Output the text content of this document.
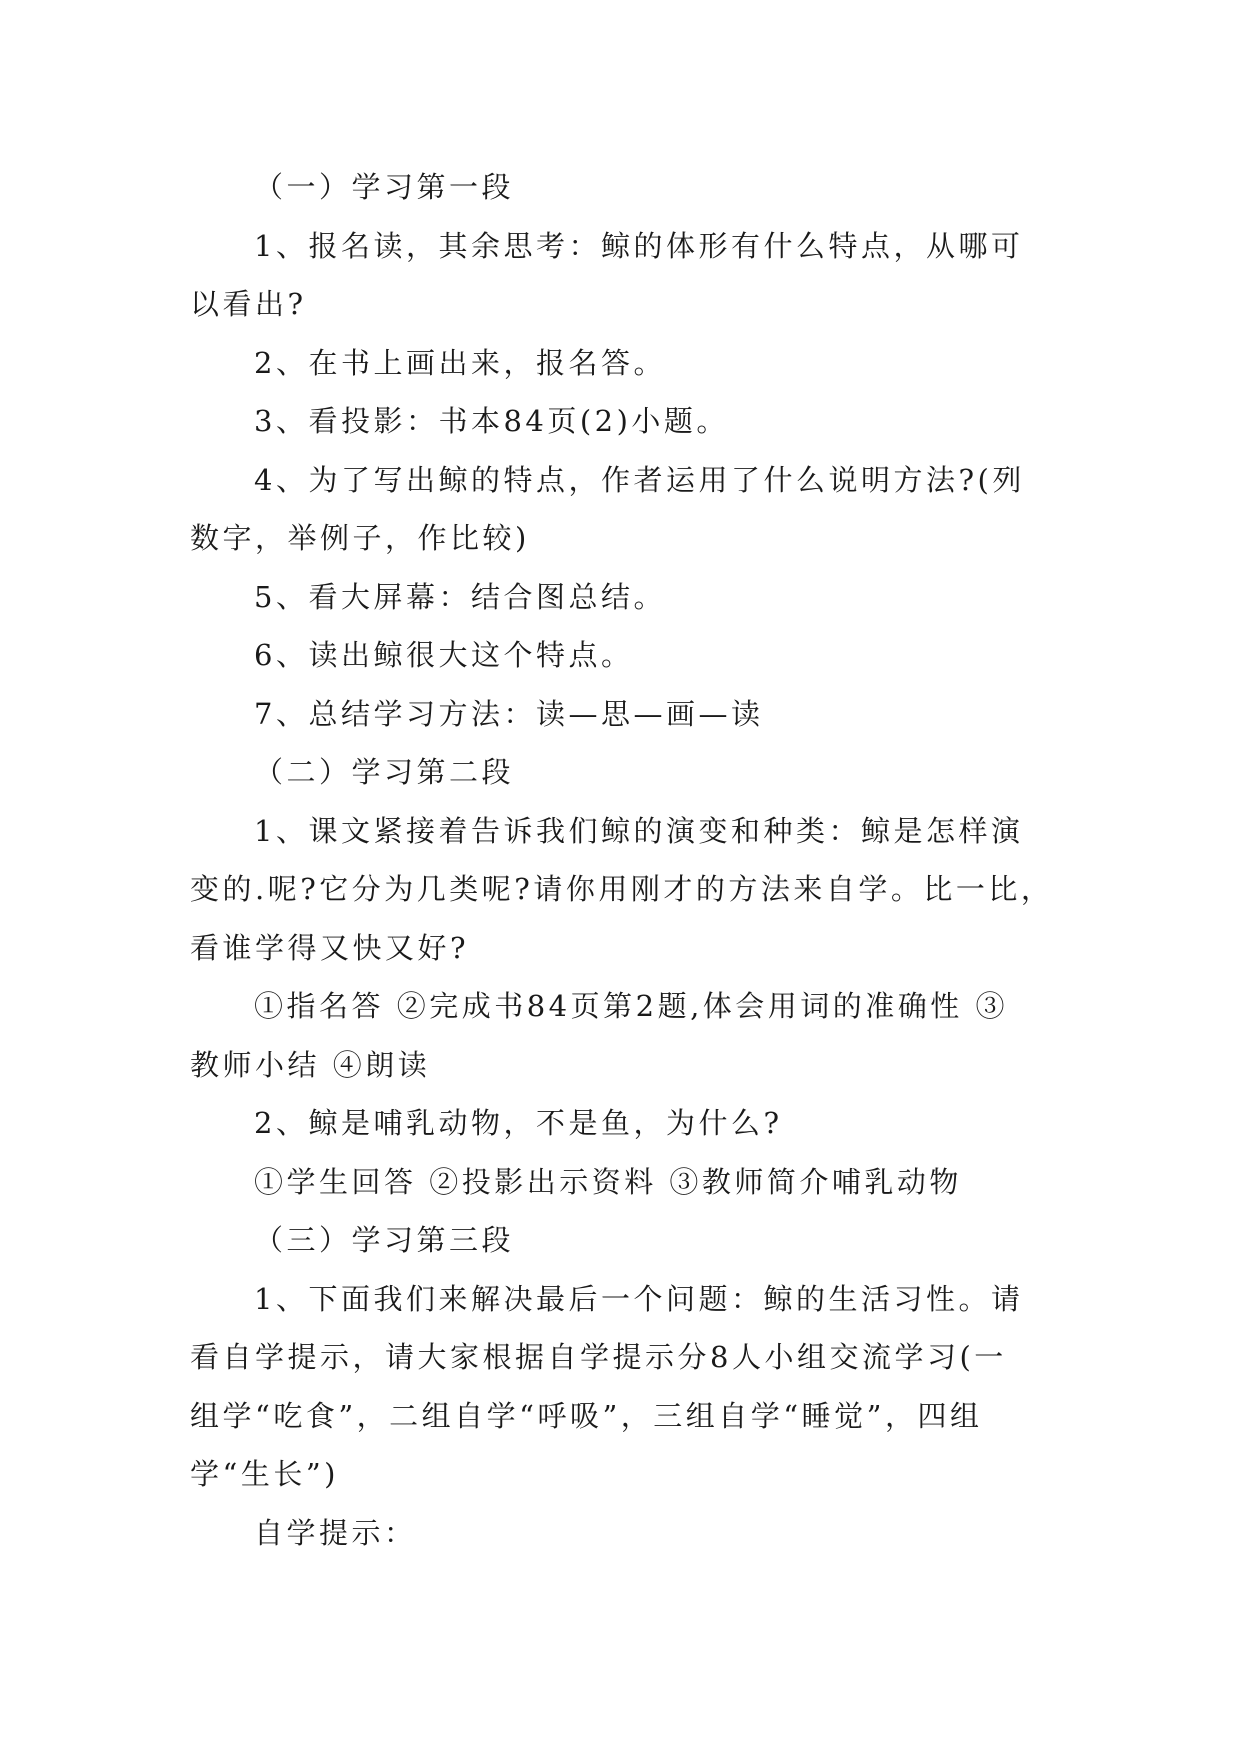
（一）学习第一段
1、报名读，其余思考：鲸的体形有什么特点，从哪可
以看出?
2、在书上画出来，报名答。
3、看投影：书本84页(2)小题。
4、为了写出鲸的特点，作者运用了什么说明方法?(列
数字，举例子，作比较)
5、看大屏幕：结合图总结。
6、读出鲸很大这个特点。
7、总结学习方法：读—思—画—读
（二）学习第二段
1、课文紧接着告诉我们鲸的演变和种类：鲸是怎样演
变的.呢?它分为几类呢?请你用刚才的方法来自学。比一比，
看谁学得又快又好?
①指名答 ②完成书84页第2题,体会用词的准确性 ③
教师小结 ④朗读
2、鲸是哺乳动物，不是鱼，为什么?
①学生回答 ②投影出示资料 ③教师简介哺乳动物
（三）学习第三段
1、下面我们来解决最后一个问题：鲸的生活习性。请
看自学提示，请大家根据自学提示分8人小组交流学习(一
组学“吃食”，二组自学“呼吸”，三组自学“睡觉”，四组
学“生长”)
自学提示：
